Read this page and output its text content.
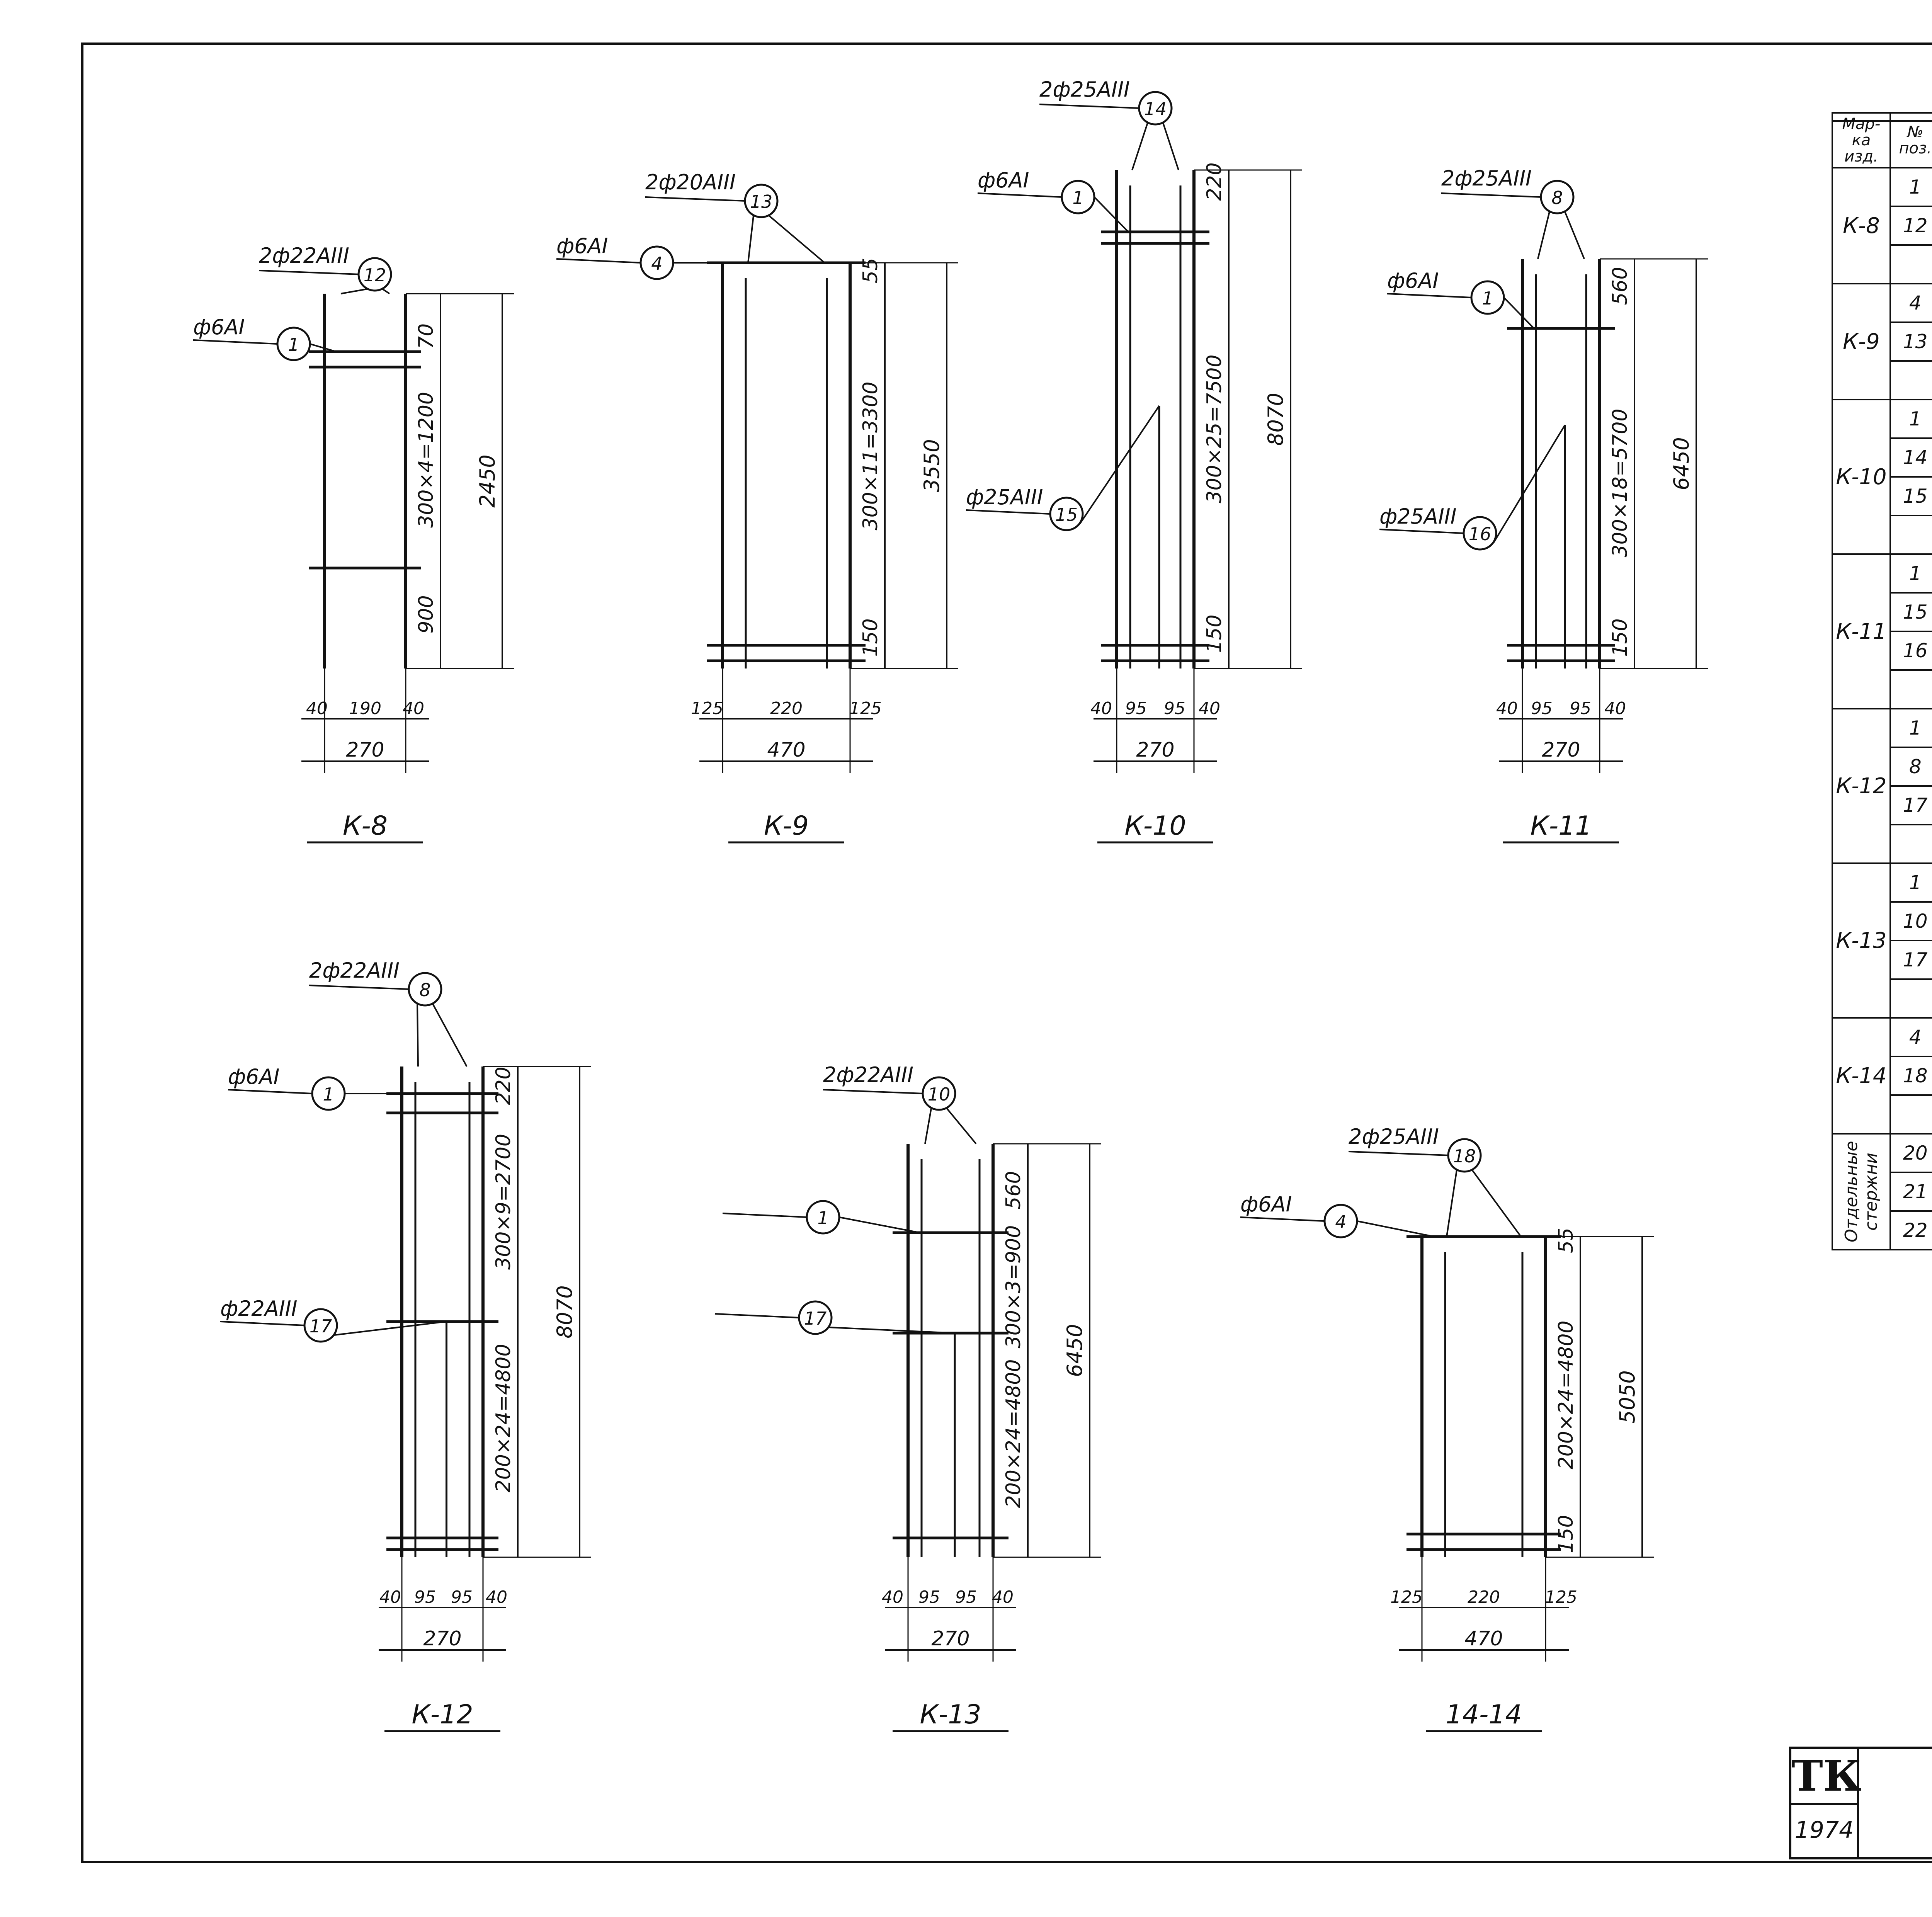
Мар-ка изд.	№ поз.						

К-8	1	

	12							

К-9	4	

	13							

К-10	1	

	14							
	15							

К-11	1	

	15							
	16							

К-12	1	

	8							
	17							

К-13	1	

	10							
	17							

К-14	4	

	18							

Отдельные стержни	20	

	21							
	22							

ТК
1974
12
2ф22AIII
1
ф6AI
300×4=1200
900
70
2450
40 190 40
270
К-8
13
2ф20AIII
4
ф6AI
300×11=3300
55
150
3550
125	220	125
470
К-9
14
2ф25AIII
1
ф6AI
15
ф25AIII	300×25=7500
220
150
8070
40 95 95 40
270
К-10
8
2ф25AIII
1
ф6AI
16
ф25AIII	300×18=5700
560
150
6450
40 95 95 40
270
К-11
8
2ф22AIII
1
ф6AI
17
ф22AIII
300×9=2700
200×24=4800
220
8070
40 95 95 40
270
К-12
10
2ф22AIII
1
17
560
300×3=900
200×24=4800
6450
40 95 95 40
270
К-13
18
2ф25AIII
4
ф6AI
55
200×24=4800
150
5050
125	220	125
470
14-14
